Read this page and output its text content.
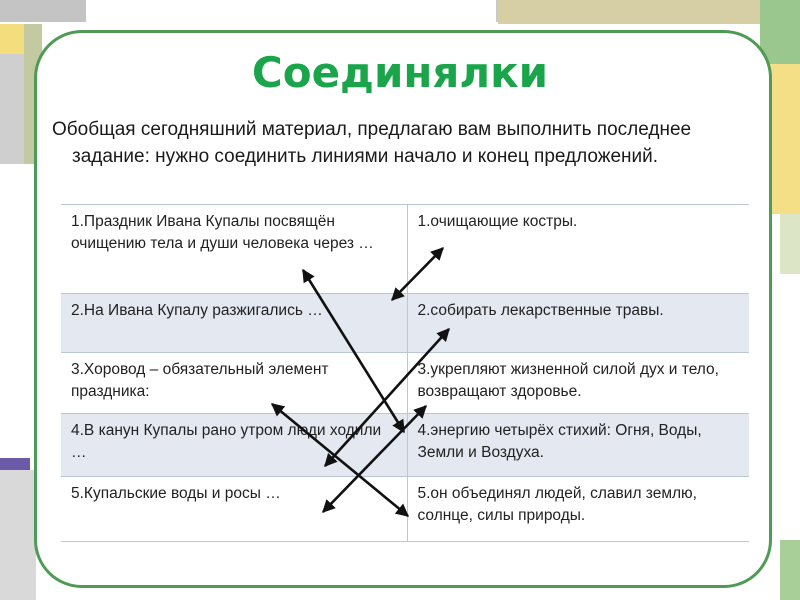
Соединялки

Обобщая сегодняшний материал, предлагаю вам выполнить последнее задание: нужно соединить линиями начало и конец предложений.

1.Праздник Ивана Купалы посвящён очищению тела и души человека через …	1.очищающие костры.
2.На Ивана Купалу разжигались …	2.собирать лекарственные травы.
3.Хоровод – обязательный элемент праздника:	3.укрепляют жизненной силой дух и тело, возвращают здоровье.
4.В канун Купалы рано утром люди ходили …	4.энергию четырёх стихий: Огня, Воды, Земли и Воздуха.
5.Купальские воды и росы …	5.он объединял людей, славил землю, солнце, силы природы.
